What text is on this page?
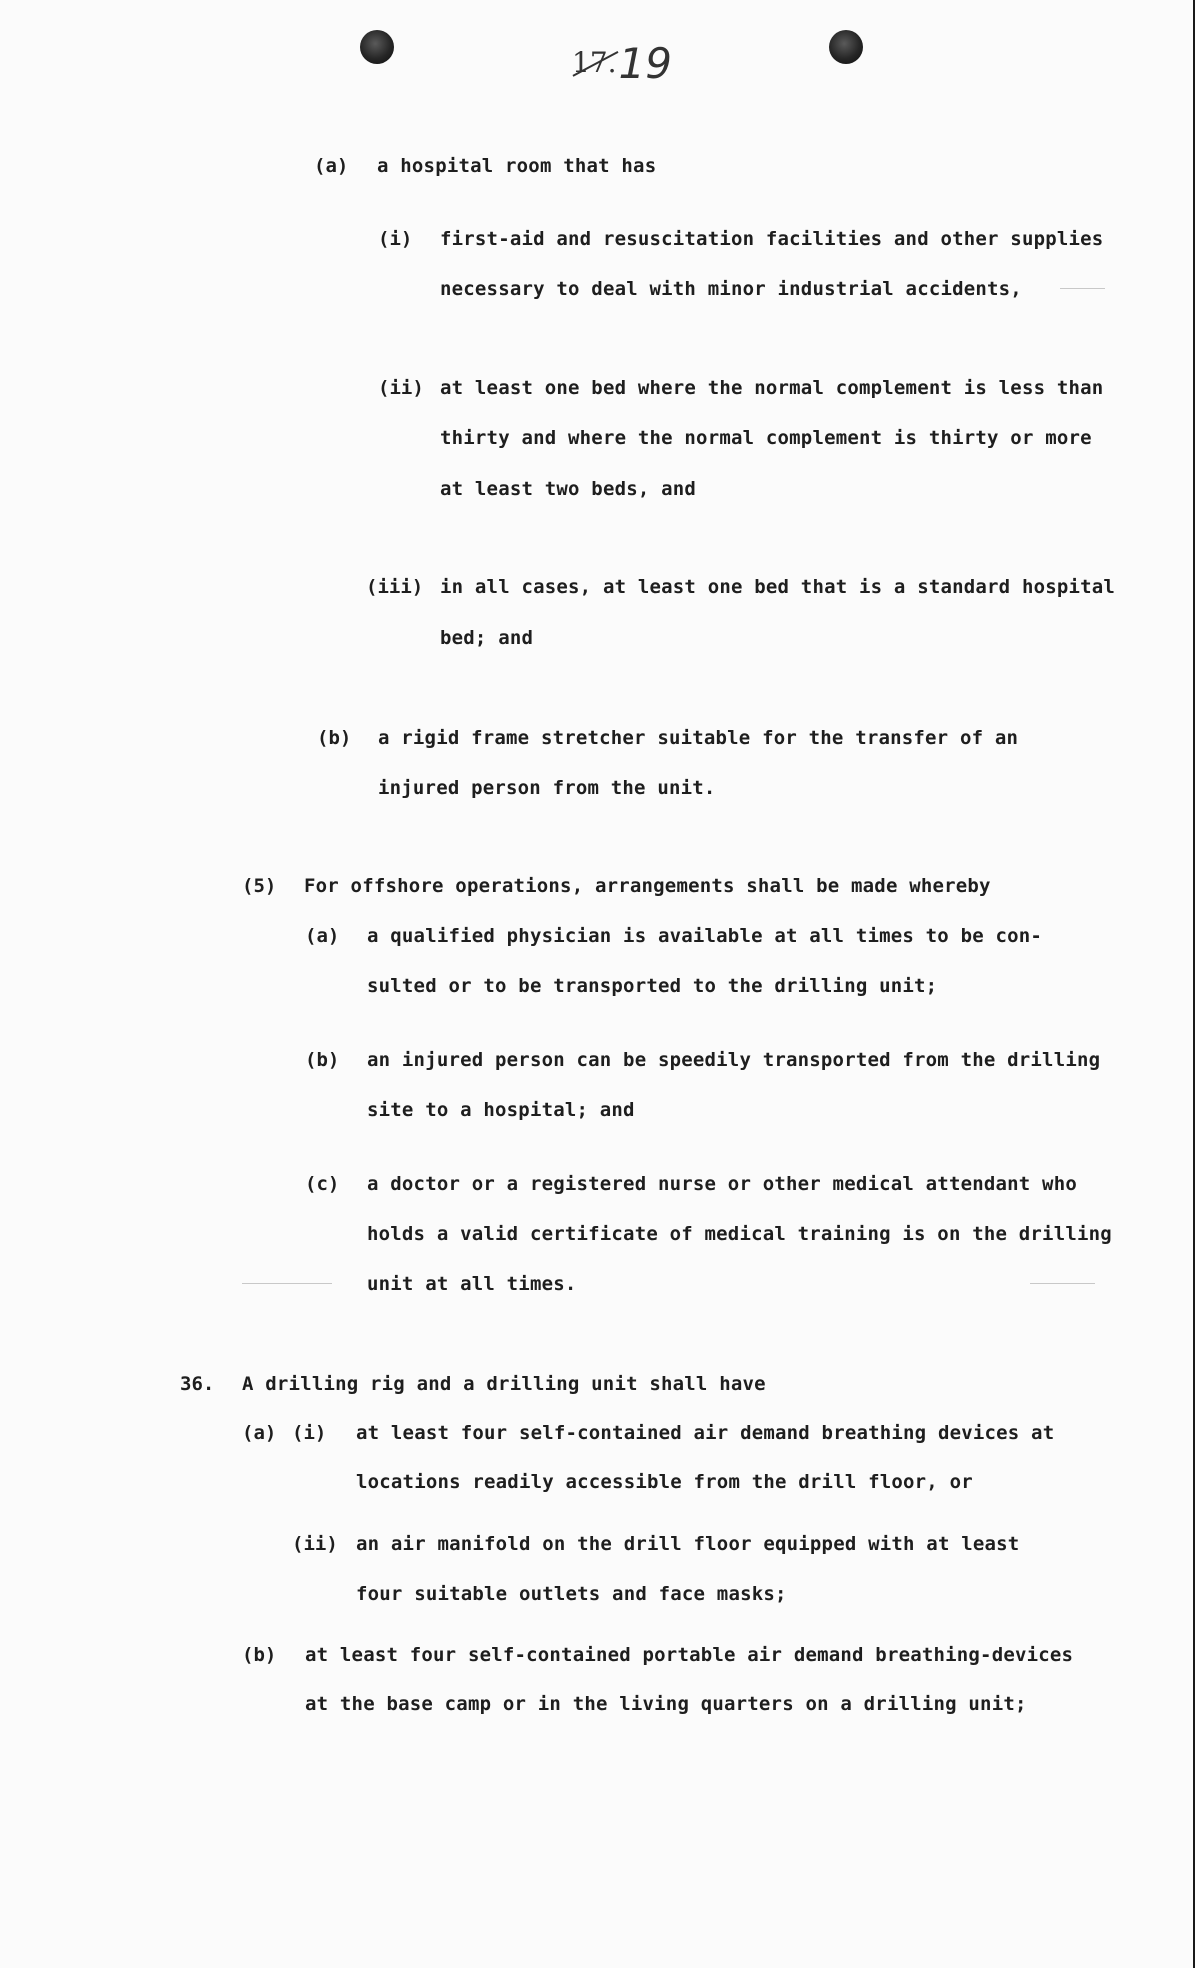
17.19
(a) a hospital room that has
(i) first-aid and resuscitation facilities and other supplies
necessary to deal with minor industrial accidents,
(ii) at least one bed where the normal complement is less than
thirty and where the normal complement is thirty or more
at least two beds, and
(iii) in all cases, at least one bed that is a standard hospital
bed; and
(b) a rigid frame stretcher suitable for the transfer of an
injured person from the unit.
(5) For offshore operations, arrangements shall be made whereby
(a) a qualified physician is available at all times to be con-
sulted or to be transported to the drilling unit;
(b) an injured person can be speedily transported from the drilling
site to a hospital; and
(c) a doctor or a registered nurse or other medical attendant who
holds a valid certificate of medical training is on the drilling
unit at all times.
36. A drilling rig and a drilling unit shall have
(a) (i) at least four self-contained air demand breathing devices at
locations readily accessible from the drill floor, or
(ii) an air manifold on the drill floor equipped with at least
four suitable outlets and face masks;
(b) at least four self-contained portable air demand breathing-devices
at the base camp or in the living quarters on a drilling unit;
